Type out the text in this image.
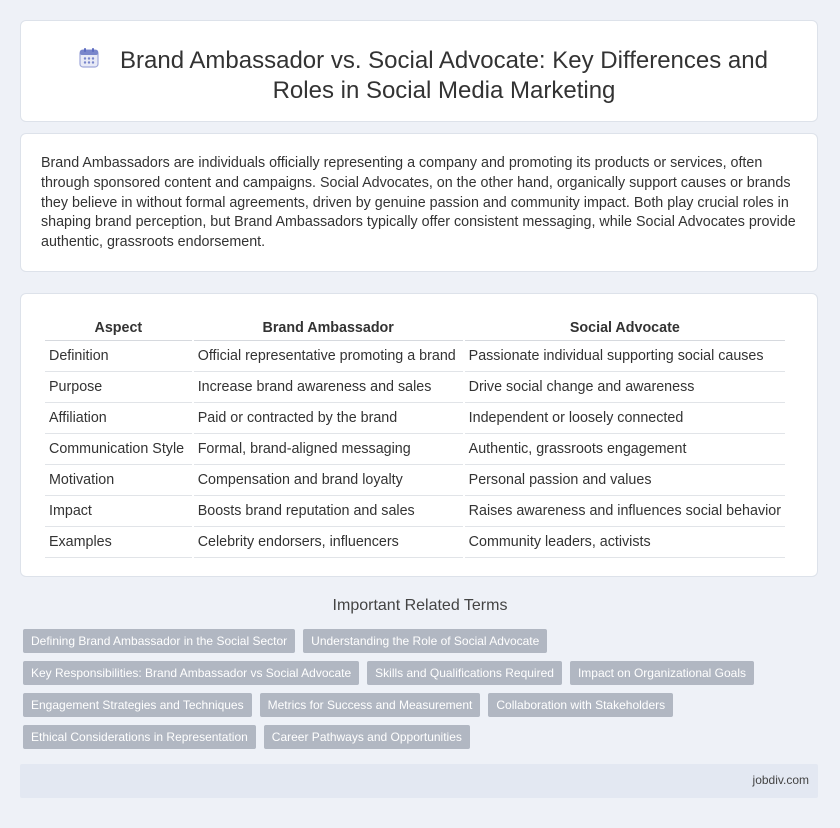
Brand Ambassador vs. Social Advocate: Key Differences and Roles in Social Media Marketing

Brand Ambassadors are individuals officially representing a company and promoting its products or services, often through sponsored content and campaigns. Social Advocates, on the other hand, organically support causes or brands they believe in without formal agreements, driven by genuine passion and community impact. Both play crucial roles in shaping brand perception, but Brand Ambassadors typically offer consistent messaging, while Social Advocates provide authentic, grassroots endorsement.

Aspect	Brand Ambassador	Social Advocate
Definition	Official representative promoting a brand	Passionate individual supporting social causes
Purpose	Increase brand awareness and sales	Drive social change and awareness
Affiliation	Paid or contracted by the brand	Independent or loosely connected
Communication Style	Formal, brand-aligned messaging	Authentic, grassroots engagement
Motivation	Compensation and brand loyalty	Personal passion and values
Impact	Boosts brand reputation and sales	Raises awareness and influences social behavior
Examples	Celebrity endorsers, influencers	Community leaders, activists
Important Related Terms
Defining Brand Ambassador in the Social Sector	Understanding the Role of Social Advocate
Key Responsibilities: Brand Ambassador vs Social Advocate	Skills and Qualifications Required	Impact on Organizational Goals
Engagement Strategies and Techniques	Metrics for Success and Measurement	Collaboration with Stakeholders
Ethical Considerations in Representation	Career Pathways and Opportunities
jobdiv.com
